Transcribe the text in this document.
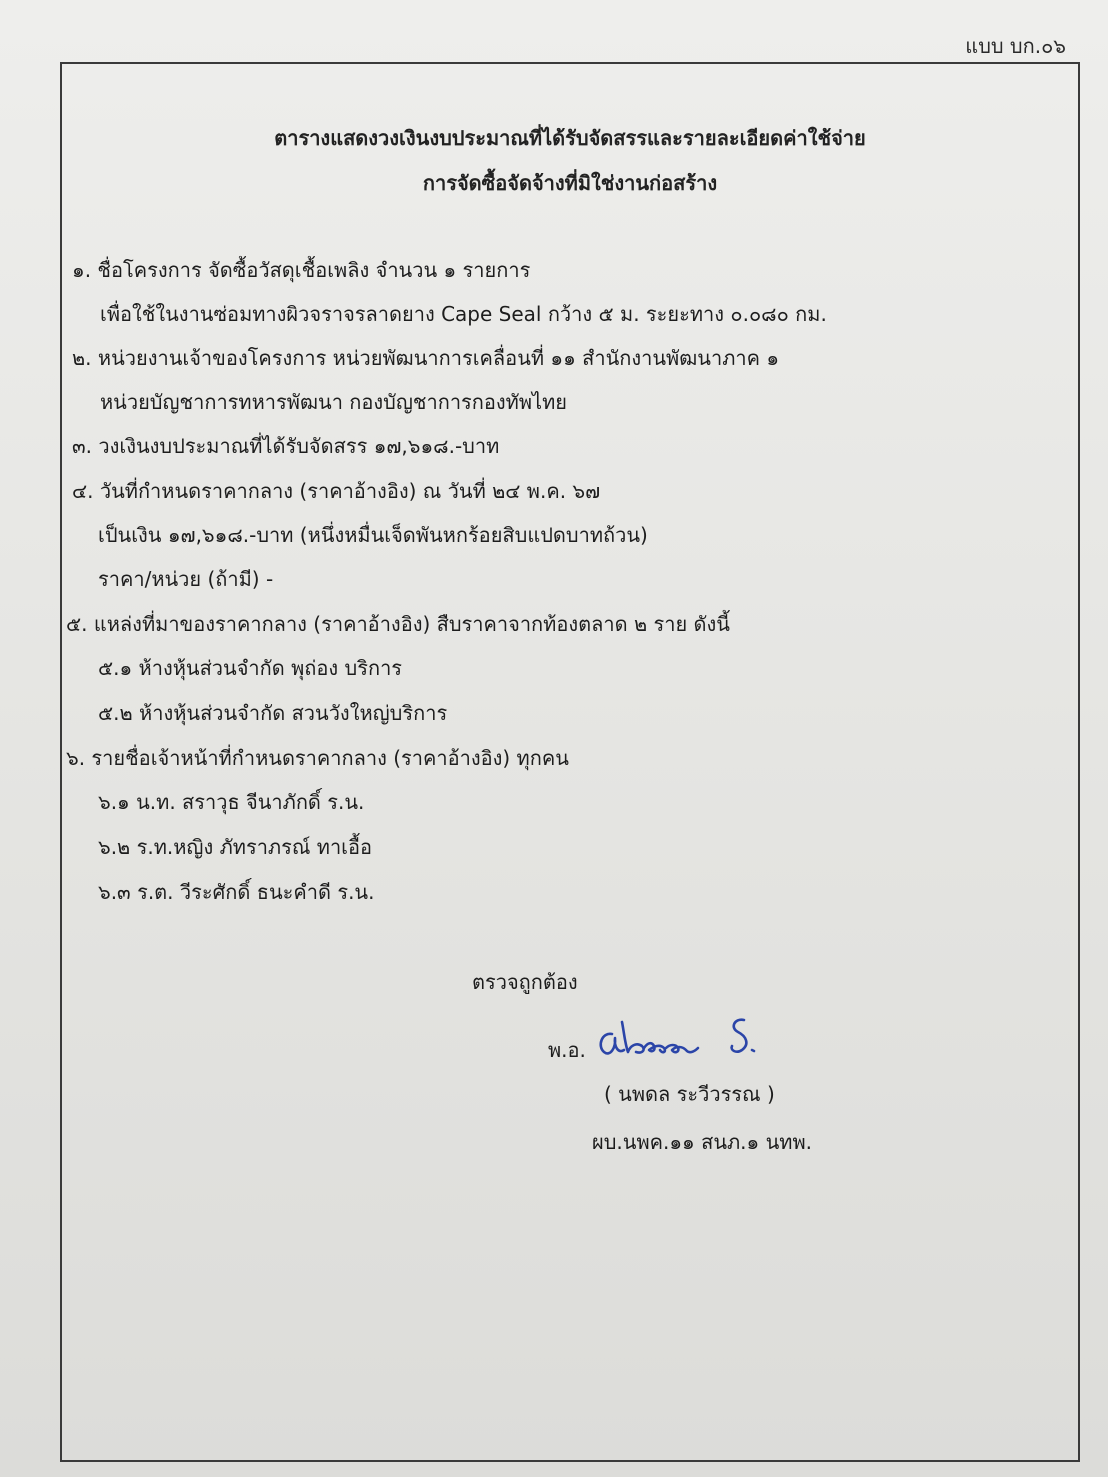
แบบ บก.๐๖
ตารางแสดงวงเงินงบประมาณที่ได้รับจัดสรรและรายละเอียดค่าใช้จ่าย
การจัดซื้อจัดจ้างที่มิใช่งานก่อสร้าง
๑. ชื่อโครงการ จัดซื้อวัสดุเชื้อเพลิง จำนวน ๑ รายการ
เพื่อใช้ในงานซ่อมทางผิวจราจรลาดยาง Cape Seal กว้าง ๕ ม. ระยะทาง ๐.๐๘๐ กม.
๒. หน่วยงานเจ้าของโครงการ หน่วยพัฒนาการเคลื่อนที่ ๑๑ สำนักงานพัฒนาภาค ๑
หน่วยบัญชาการทหารพัฒนา กองบัญชาการกองทัพไทย
๓. วงเงินงบประมาณที่ได้รับจัดสรร ๑๗,๖๑๘.-บาท
๔. วันที่กำหนดราคากลาง (ราคาอ้างอิง) ณ วันที่ ๒๔ พ.ค. ๖๗
เป็นเงิน ๑๗,๖๑๘.-บาท (หนึ่งหมื่นเจ็ดพันหกร้อยสิบแปดบาทถ้วน)
ราคา/หน่วย (ถ้ามี) -
๕. แหล่งที่มาของราคากลาง (ราคาอ้างอิง) สืบราคาจากท้องตลาด ๒ ราย ดังนี้
๕.๑ ห้างหุ้นส่วนจำกัด พุถ่อง บริการ
๕.๒ ห้างหุ้นส่วนจำกัด สวนวังใหญ่บริการ
๖. รายชื่อเจ้าหน้าที่กำหนดราคากลาง (ราคาอ้างอิง) ทุกคน
๖.๑ น.ท. สราวุธ จีนาภักดิ์ ร.น.
๖.๒ ร.ท.หญิง ภัทราภรณ์ ทาเอื้อ
๖.๓ ร.ต. วีระศักดิ์ ธนะคำดี ร.น.
ตรวจถูกต้อง
พ.อ.
( นพดล ระวีวรรณ )
ผบ.นพค.๑๑ สนภ.๑ นทพ.
